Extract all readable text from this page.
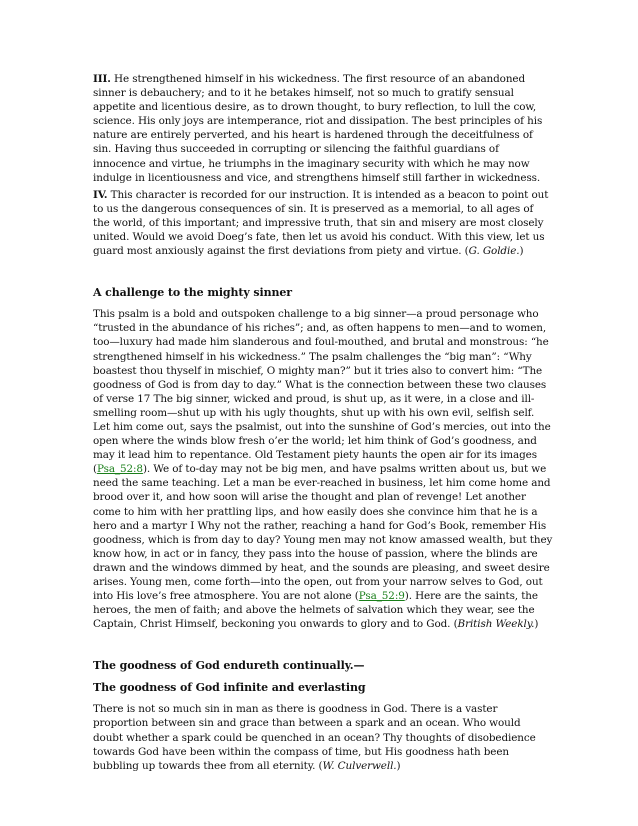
III. He strengthened himself in his wickedness. The first resource of an abandoned sinner is debauchery; and to it he betakes himself, not so much to gratify sensual appetite and licentious desire, as to drown thought, to bury reflection, to lull the cow, science. His only joys are intemperance, riot and dissipation. The best principles of his nature are entirely perverted, and his heart is hardened through the deceitfulness of sin. Having thus succeeded in corrupting or silencing the faithful guardians of innocence and virtue, he triumphs in the imaginary security with which he may now indulge in licentiousness and vice, and strengthens himself still farther in wickedness.

IV. This character is recorded for our instruction. It is intended as a beacon to point out to us the dangerous consequences of sin. It is preserved as a memorial, to all ages of the world, of this important; and impressive truth, that sin and misery are most closely united. Would we avoid Doeg’s fate, then let us avoid his conduct. With this view, let us guard most anxiously against the first deviations from piety and virtue. (G. Goldie.)

A challenge to the mighty sinner

This psalm is a bold and outspoken challenge to a big sinner—a proud personage who “trusted in the abundance of his riches”; and, as often happens to men—and to women, too—luxury had made him slanderous and foul-mouthed, and brutal and monstrous: “he strengthened himself in his wickedness.” The psalm challenges the “big man”: “Why boastest thou thyself in mischief, O mighty man?” but it tries also to convert him: “The goodness of God is from day to day.” What is the connection between these two clauses of verse 17 The big sinner, wicked and proud, is shut up, as it were, in a close and ill-smelling room—shut up with his ugly thoughts, shut up with his own evil, selfish self. Let him come out, says the psalmist, out into the sunshine of God’s mercies, out into the open where the winds blow fresh o’er the world; let him think of God’s goodness, and may it lead him to repentance. Old Testament piety haunts the open air for its images (Psa_52:8). We of to-day may not be big men, and have psalms written about us, but we need the same teaching. Let a man be ever-reached in business, let him come home and brood over it, and how soon will arise the thought and plan of revenge! Let another come to him with her prattling lips, and how easily does she convince him that he is a hero and a martyr I Why not the rather, reaching a hand for God’s Book, remember His goodness, which is from day to day? Young men may not know amassed wealth, but they know how, in act or in fancy, they pass into the house of passion, where the blinds are drawn and the windows dimmed by heat, and the sounds are pleasing, and sweet desire arises. Young men, come forth—into the open, out from your narrow selves to God, out into His love’s free atmosphere. You are not alone (Psa_52:9). Here are the saints, the heroes, the men of faith; and above the helmets of salvation which they wear, see the Captain, Christ Himself, beckoning you onwards to glory and to God. (British Weekly.)

The goodness of God endureth continually.—
The goodness of God infinite and everlasting

There is not so much sin in man as there is goodness in God. There is a vaster proportion between sin and grace than between a spark and an ocean. Who would doubt whether a spark could be quenched in an ocean? Thy thoughts of disobedience towards God have been within the compass of time, but His goodness hath been bubbling up towards thee from all eternity. (W. Culverwell.)
